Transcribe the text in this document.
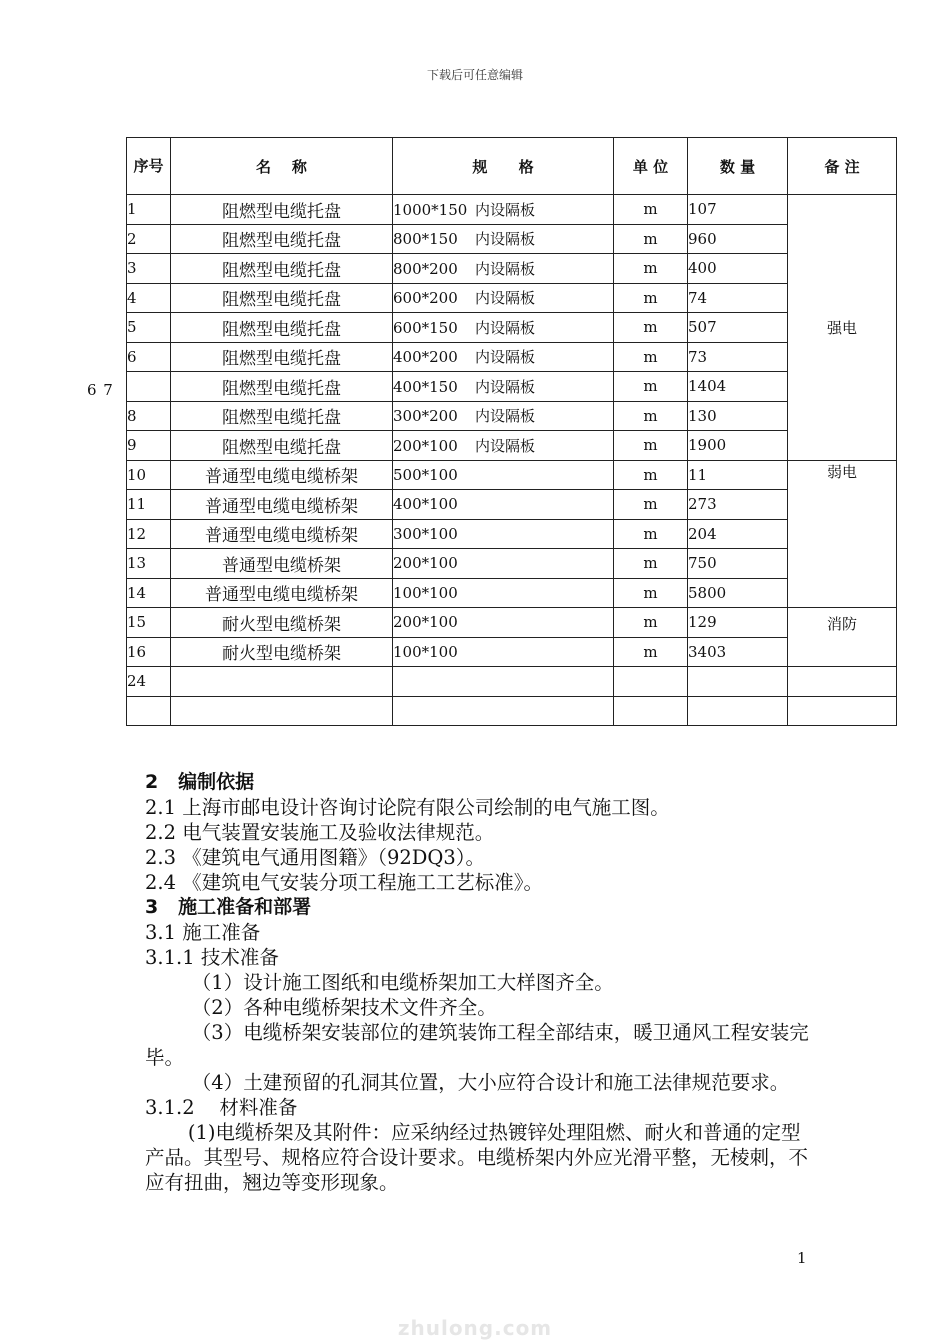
下载后可任意编辑
6 7
序号	名    称	规      格	单 位	数 量	备 注
1	阻燃型电缆托盘	1000*150 内设隔板	m	107	强电
2	阻燃型电缆托盘	800*150 内设隔板	m	960	
3	阻燃型电缆托盘	800*200 内设隔板	m	400	
4	阻燃型电缆托盘	600*200 内设隔板	m	74	
5	阻燃型电缆托盘	600*150 内设隔板	m	507	
6	阻燃型电缆托盘	400*200 内设隔板	m	73	
	阻燃型电缆托盘	400*150 内设隔板	m	1404	
8	阻燃型电缆托盘	300*200 内设隔板	m	130	
9	阻燃型电缆托盘	200*100 内设隔板	m	1900	
10	普通型电缆电缆桥架	500*100	m	11	弱电
11	普通型电缆电缆桥架	400*100	m	273	
12	普通型电缆电缆桥架	300*100	m	204	
13	普通型电缆桥架	200*100	m	750	
14	普通型电缆电缆桥架	100*100	m	5800	
15	耐火型电缆桥架	200*100	m	129	消防
16	耐火型电缆桥架	100*100	m	3403	
24					

2   编制依据

2.1 上海市邮电设计咨询讨论院有限公司绘制的电气施工图。

2.2 电气装置安装施工及验收法律规范。

2.3 《建筑电气通用图籍》（92DQ3）。

2.4 《建筑电气安装分项工程施工工艺标准》。

3   施工准备和部署

3.1 施工准备

3.1.1 技术准备

（1）设计施工图纸和电缆桥架加工大样图齐全。

（2）各种电缆桥架技术文件齐全。

（3）电缆桥架安装部位的建筑装饰工程全部结束，暖卫通风工程安装完毕。

（4）土建预留的孔洞其位置，大小应符合设计和施工法律规范要求。

3.1.2    材料准备

(1)电缆桥架及其附件：应采纳经过热镀锌处理阻燃、耐火和普通的定型产品。其型号、规格应符合设计要求。电缆桥架内外应光滑平整，无棱刺，不应有扭曲，翘边等变形现象。

1
zhulong.com
